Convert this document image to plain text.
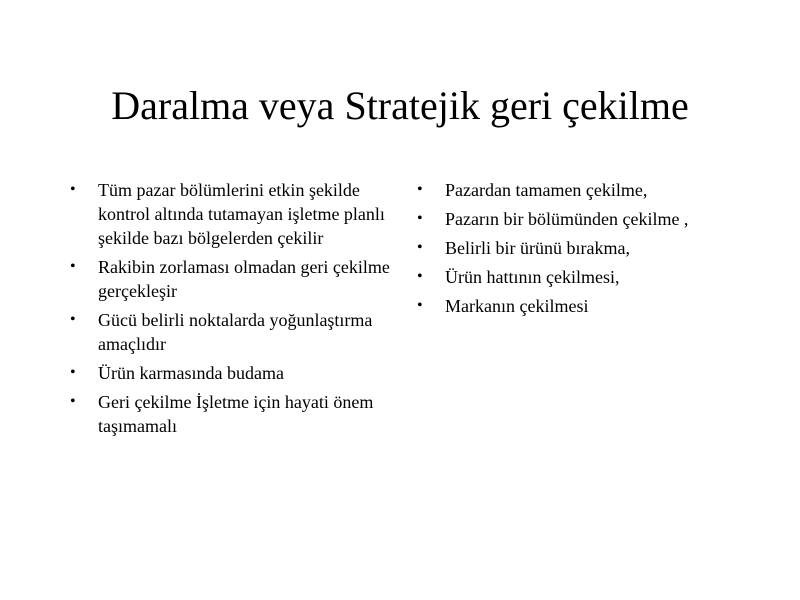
Daralma veya Stratejik geri çekilme
•	Tüm pazar bölümlerini etkin şekilde kontrol altında tutamayan işletme planlı şekilde bazı bölgelerden çekilir
•	Rakibin zorlaması olmadan geri çekilme gerçekleşir
•	Gücü belirli noktalarda yoğunlaştırma amaçlıdır
•	Ürün karmasında budama
•	Geri çekilme İşletme için hayati önem taşımamalı
•	Pazardan tamamen çekilme,
•	Pazarın bir bölümünden çekilme ,
•	Belirli bir ürünü bırakma,
•	Ürün hattının çekilmesi,
•	Markanın çekilmesi
